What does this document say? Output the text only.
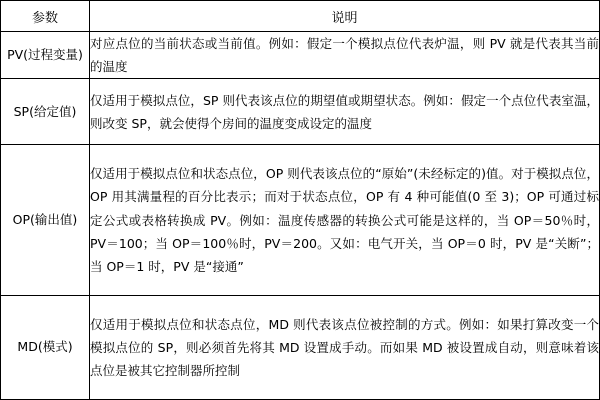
参数	说明
PV(过程变量)	对应点位的当前状态或当前值。例如：假定一个模拟点位代表炉温，则 PV 就是代表其当前的温度
SP(给定值)	仅适用于模拟点位，SP 则代表该点位的期望值或期望状态。例如：假定一个点位代表室温，则改变 SP，就会使得个房间的温度变成设定的温度
OP(输出值)	仅适用于模拟点位和状态点位，OP 则代表该点位的“原始”(未经标定的)值。对于模拟点位，OP 用其满量程的百分比表示；而对于状态点位，OP 有 4 种可能值(0 至 3)；OP 可通过标定公式或表格转换成 PV。例如：温度传感器的转换公式可能是这样的，当 OP＝50％时，PV＝100；当 OP＝100％时，PV＝200。又如：电气开关，当 OP＝0 时，PV 是“关断”；当 OP＝1 时，PV 是“接通”
MD(模式)	仅适用于模拟点位和状态点位，MD 则代表该点位被控制的方式。例如：如果打算改变一个模拟点位的 SP，则必须首先将其 MD 设置成手动。而如果 MD 被设置成自动，则意味着该点位是被其它控制器所控制
